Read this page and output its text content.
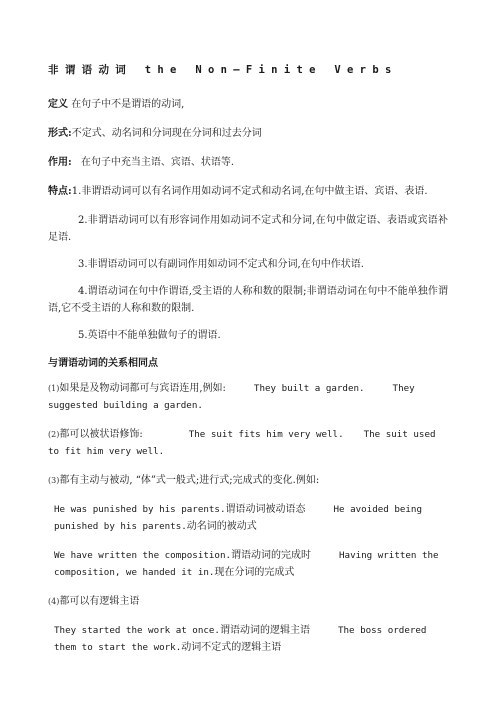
非 谓 语 动 词   t h e   N o n – F i n i t e   V e r b s

定义 在句子中不是谓语的动词,

形式:不定式、动名词和分词现在分词和过去分词

作用: 在句子中充当主语、宾语、状语等.

特点:1.非谓语动词可以有名词作用如动词不定式和动名词,在句中做主语、宾语、表语.

2.非谓语动词可以有形容词作用如动词不定式和分词,在句中做定语、表语或宾语补足语.

3.非谓语动词可以有副词作用如动词不定式和分词,在句中作状语.

4.谓语动词在句中作谓语,受主语的人称和数的限制;非谓语动词在句中不能单独作谓语,它不受主语的人称和数的限制.

5.英语中不能单独做句子的谓语.

与谓语动词的关系相同点

(1)如果是及物动词都可与宾语连用,例如:	They built a garden.	They suggested building a garden.

(2)都可以被状语修饰:	The suit fits him very well. The suit used to fit him very well.

(3)都有主动与被动, “体”式一般式;进行式;完成式的变化.例如:

He was punished by his parents.谓语动词被动语态	He avoided being punished by his parents.动名词的被动式

We have written the composition.谓语动词的完成时	Having written the composition, we handed it in.现在分词的完成式

(4)都可以有逻辑主语

They started the work at once.谓语动词的逻辑主语	The boss ordered them to start the work.动词不定式的逻辑主语
